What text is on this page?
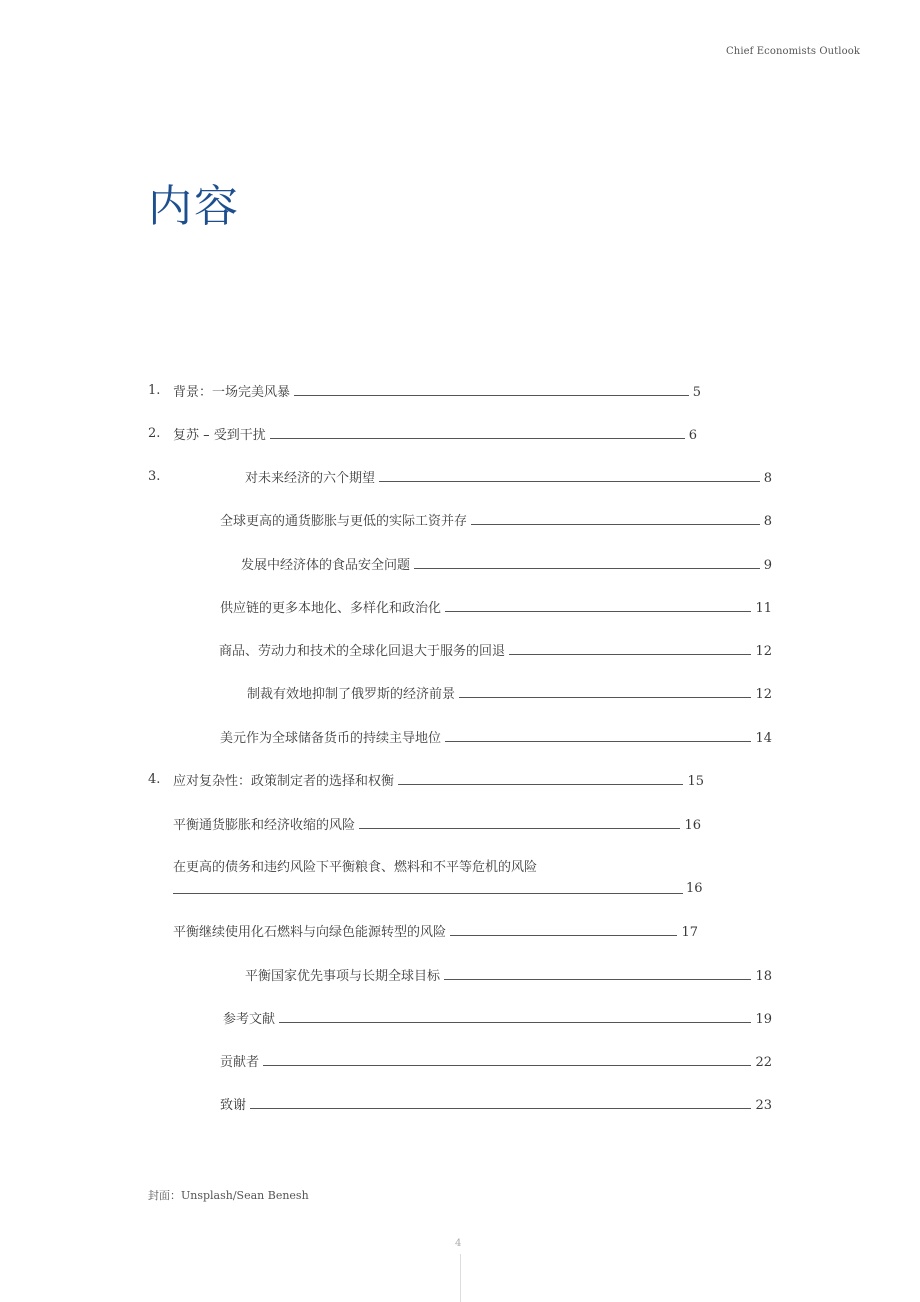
Chief Economists Outlook
内容
1. 背景：一场完美风暴	5
2. 复苏 – 受到干扰	6
3.	对未来经济的六个期望	8
全球更高的通货膨胀与更低的实际工资并存	8
发展中经济体的食品安全问题	9
供应链的更多本地化、多样化和政治化	11
商品、劳动力和技术的全球化回退大于服务的回退	12
制裁有效地抑制了俄罗斯的经济前景	12
美元作为全球储备货币的持续主导地位	14
4. 应对复杂性：政策制定者的选择和权衡	15
平衡通货膨胀和经济收缩的风险	16
在更高的债务和违约风险下平衡粮食、燃料和不平等危机的风险
16
平衡继续使用化石燃料与向绿色能源转型的风险	17
平衡国家优先事项与长期全球目标	18
参考文献	19
贡献者	22
致谢	23
封面：Unsplash/Sean Benesh
4
